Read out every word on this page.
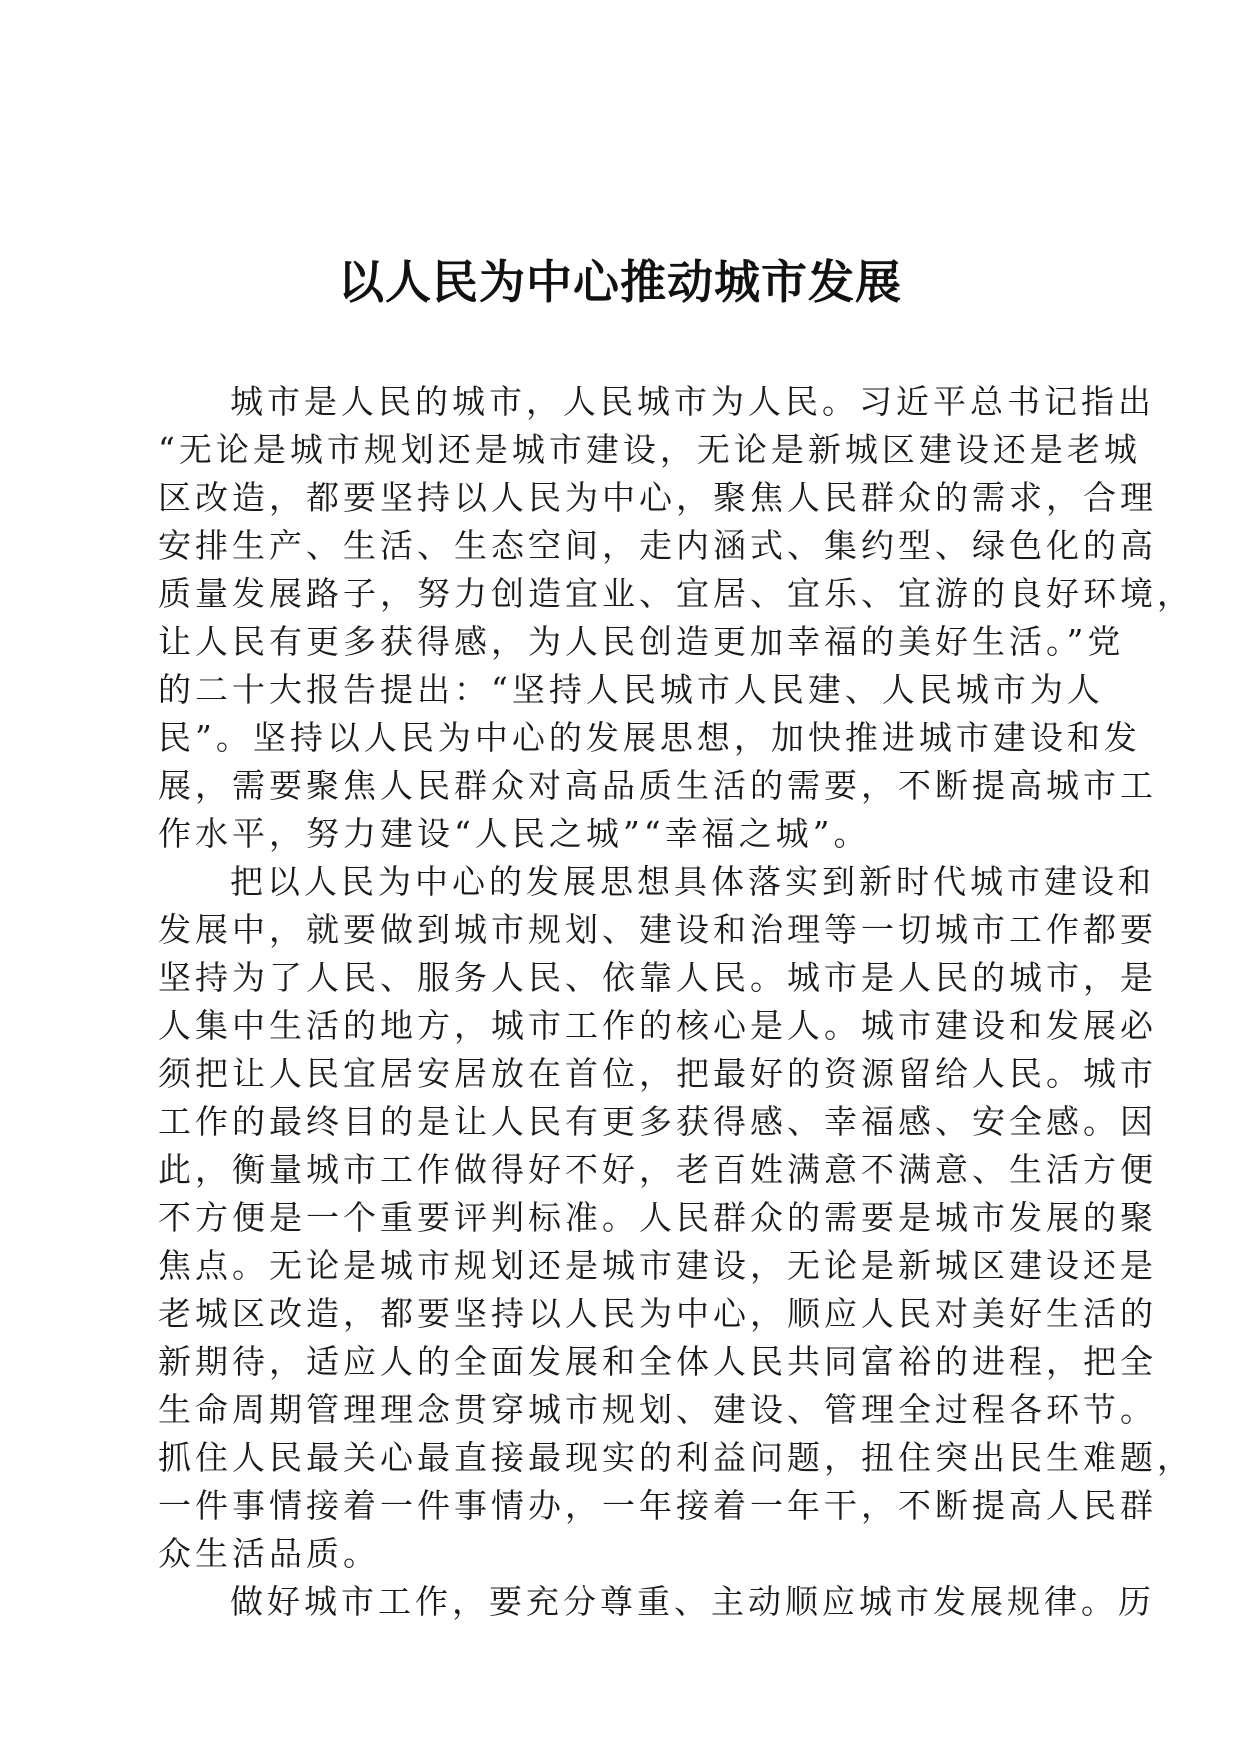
以人民为中心推动城市发展
城市是人民的城市，人民城市为人民。习近平总书记指出
“无论是城市规划还是城市建设，无论是新城区建设还是老城
区改造，都要坚持以人民为中心，聚焦人民群众的需求，合理
安排生产、生活、生态空间，走内涵式、集约型、绿色化的高
质量发展路子，努力创造宜业、宜居、宜乐、宜游的良好环境，
让人民有更多获得感，为人民创造更加幸福的美好生活。”党
的二十大报告提出：“坚持人民城市人民建、人民城市为人
民”。坚持以人民为中心的发展思想，加快推进城市建设和发
展，需要聚焦人民群众对高品质生活的需要，不断提高城市工
作水平，努力建设“人民之城”“幸福之城”。
把以人民为中心的发展思想具体落实到新时代城市建设和
发展中，就要做到城市规划、建设和治理等一切城市工作都要
坚持为了人民、服务人民、依靠人民。城市是人民的城市，是
人集中生活的地方，城市工作的核心是人。城市建设和发展必
须把让人民宜居安居放在首位，把最好的资源留给人民。城市
工作的最终目的是让人民有更多获得感、幸福感、安全感。因
此，衡量城市工作做得好不好，老百姓满意不满意、生活方便
不方便是一个重要评判标准。人民群众的需要是城市发展的聚
焦点。无论是城市规划还是城市建设，无论是新城区建设还是
老城区改造，都要坚持以人民为中心，顺应人民对美好生活的
新期待，适应人的全面发展和全体人民共同富裕的进程，把全
生命周期管理理念贯穿城市规划、建设、管理全过程各环节。
抓住人民最关心最直接最现实的利益问题，扭住突出民生难题，
一件事情接着一件事情办，一年接着一年干，不断提高人民群
众生活品质。
做好城市工作，要充分尊重、主动顺应城市发展规律。历
